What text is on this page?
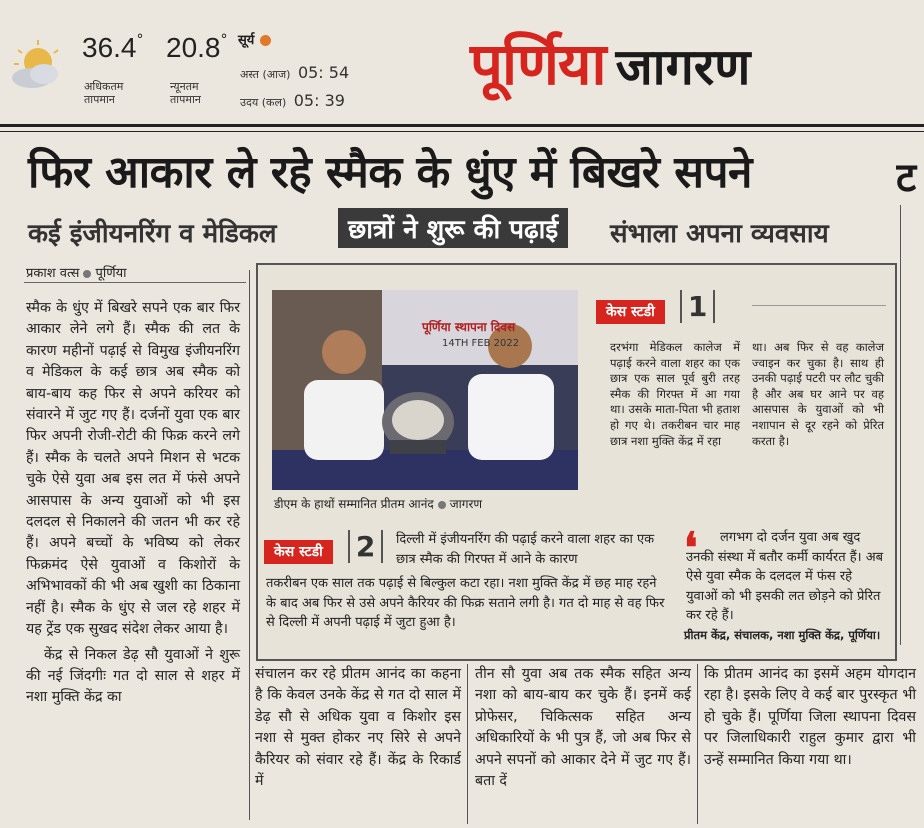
36.4°
अधिकतम
तापमान
20.8°
न्यूनतम
तापमान
सूर्य
अस्त (आज) 05: 54
उदय (कल) 05: 39
पूर्णिया जागरण
फिर आकार ले रहे स्मैक के धुंए में बिखरे सपने	ट
कई इंजीयनरिंग व मेडिकल	छात्रों ने शुरू की पढ़ाई	संभाला अपना व्यवसाय
प्रकाश वत्स पूर्णिया

स्मैक के धुंए में बिखरे सपने एक बार फिर आकार लेने लगे हैं। स्मैक की लत के कारण महीनों पढ़ाई से विमुख इंजीयनरिंग व मेडिकल के कई छात्र अब स्मैक को बाय-बाय कह फिर से अपने करियर को संवारने में जुट गए हैं। दर्जनों युवा एक बार फिर अपनी रोजी-रोटी की फिक्र करने लगे हैं। स्मैक के चलते अपने मिशन से भटक चुके ऐसे युवा अब इस लत में फंसे अपने आसपास के अन्य युवाओं को भी इस दलदल से निकालने की जतन भी कर रहे हैं। अपने बच्चों के भविष्य को लेकर फिक्रमंद ऐसे युवाओं व किशोरों के अभिभावकों की भी अब खुशी का ठिकाना नहीं है। स्मैक के धुंए से जल रहे शहर में यह ट्रेंड एक सुखद संदेश लेकर आया है।

केंद्र से निकल डेढ़ सौ युवाओं ने शुरू की नई जिंदगीः गत दो साल से शहर में नशा मुक्ति केंद्र का

पूर्णिया स्थापना दिवस
14TH FEB 2022
डीएम के हाथों सम्मानित प्रीतम आनंद जागरण
केस स्टडी 1
दरभंगा मेडिकल कालेज में पढ़ाई करने वाला शहर का एक छात्र एक साल पूर्व बुरी तरह स्मैक की गिरफ्त में आ गया था। उसके माता-पिता भी हताश हो गए थे। तकरीबन चार माह छात्र नशा मुक्ति केंद्र में रहा
था। अब फिर से वह कालेज ज्वाइन कर चुका है। साथ ही उनकी पढ़ाई पटरी पर लौट चुकी है और अब घर आने पर वह आसपास के युवाओं को भी नशापान से दूर रहने को प्रेरित करता है।
केस स्टडी 2	दिल्ली में इंजीयनरिंग की पढ़ाई करने वाला शहर का एक छात्र स्मैक की गिरफ्त में आने के कारण
तकरीबन एक साल तक पढ़ाई से बिल्कुल कटा रहा। नशा मुक्ति केंद्र में छह माह रहने के बाद अब फिर से उसे अपने कैरियर की फिक्र सताने लगी है। गत दो माह से वह फिर से दिल्ली में अपनी पढ़ाई में जुटा हुआ है।
❛	लगभग दो दर्जन युवा अब खुद उनकी संस्था में बतौर कर्मी कार्यरत हैं। अब ऐसे युवा स्मैक के दलदल में फंस रहे युवाओं को भी इसकी लत छोड़ने को प्रेरित कर रहे हैं।
प्रीतम केंद्र, संचालक, नशा मुक्ति केंद्र, पूर्णिया।

संचालन कर रहे प्रीतम आनंद का कहना है कि केवल उनके केंद्र से गत दो साल में डेढ़ सौ से अधिक युवा व किशोर इस नशा से मुक्त होकर नए सिरे से अपने कैरियर को संवार रहे हैं। केंद्र के रिकार्ड में

तीन सौ युवा अब तक स्मैक सहित अन्य नशा को बाय-बाय कर चुके हैं। इनमें कई प्रोफेसर, चिकित्सक सहित अन्य अधिकारियों के भी पुत्र हैं, जो अब फिर से अपने सपनों को आकार देने में जुट गए हैं। बता दें

कि प्रीतम आनंद का इसमें अहम योगदान रहा है। इसके लिए वे कई बार पुरस्कृत भी हो चुके हैं। पूर्णिया जिला स्थापना दिवस पर जिलाधिकारी राहुल कुमार द्वारा भी उन्हें सम्मानित किया गया था।
